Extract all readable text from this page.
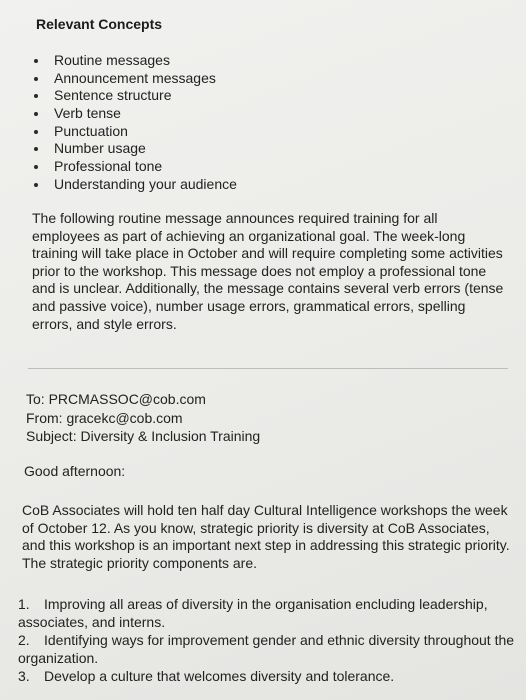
Relevant Concepts
Routine messages
Announcement messages
Sentence structure
Verb tense
Punctuation
Number usage
Professional tone
Understanding your audience

The following routine message announces required training for all employees as part of achieving an organizational goal. The week-long training will take place in October and will require completing some activities prior to the workshop. This message does not employ a professional tone and is unclear. Additionally, the message contains several verb errors (tense and passive voice), number usage errors, grammatical errors, spelling errors, and style errors.

To: PRCMASSOC@cob.com
From: gracekc@cob.com
Subject: Diversity & Inclusion Training
Good afternoon:

CoB Associates will hold ten half day Cultural Intelligence workshops the week of October 12. As you know, strategic priority is diversity at CoB Associates, and this workshop is an important next step in addressing this strategic priority. The strategic priority components are.

1. Improving all areas of diversity in the organisation encluding leadership, associates, and interns.
2. Identifying ways for improvement gender and ethnic diversity throughout the organization.
3. Develop a culture that welcomes diversity and tolerance.
